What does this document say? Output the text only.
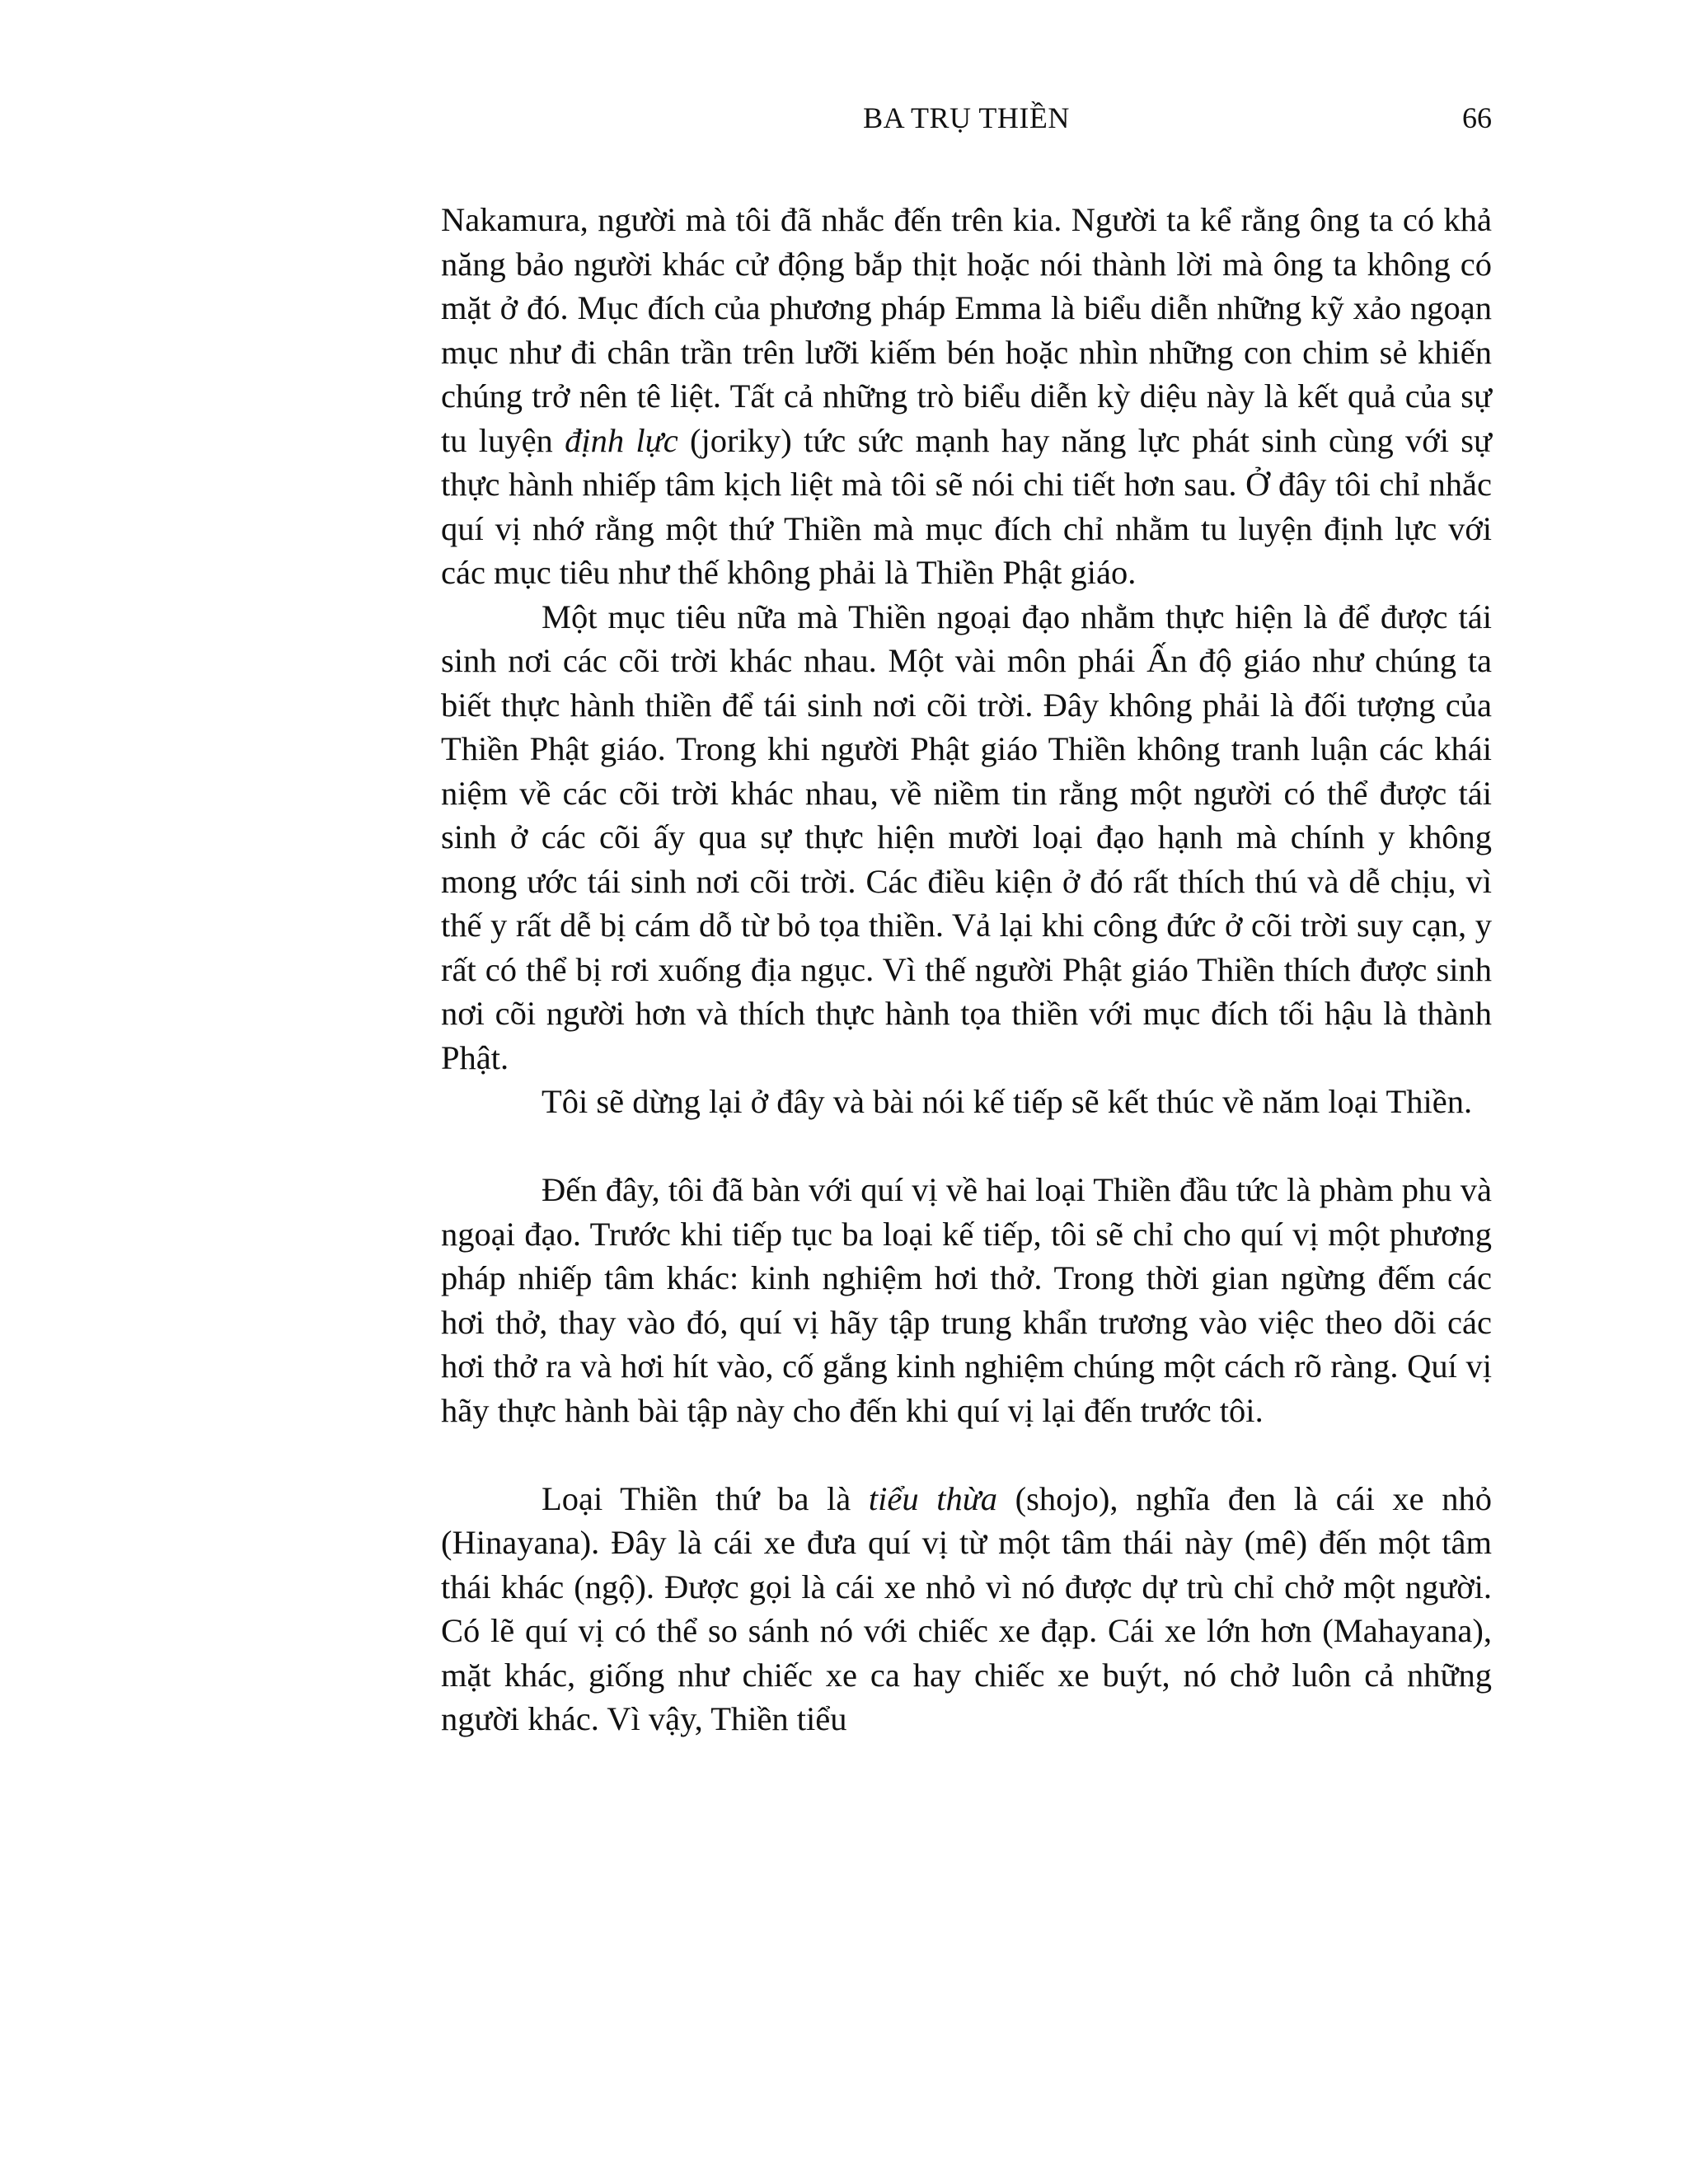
BA TRỤ THIỀN	66

Nakamura, người mà tôi đã nhắc đến trên kia. Người ta kể rằng ông ta có khả năng bảo người khác cử động bắp thịt hoặc nói thành lời mà ông ta không có mặt ở đó. Mục đích của phương pháp Emma là biểu diễn những kỹ xảo ngoạn mục như đi chân trần trên lưỡi kiếm bén hoặc nhìn những con chim sẻ khiến chúng trở nên tê liệt. Tất cả những trò biểu diễn kỳ diệu này là kết quả của sự tu luyện định lực (joriky) tức sức mạnh hay năng lực phát sinh cùng với sự thực hành nhiếp tâm kịch liệt mà tôi sẽ nói chi tiết hơn sau. Ở đây tôi chỉ nhắc quí vị nhớ rằng một thứ Thiền mà mục đích chỉ nhằm tu luyện định lực với các mục tiêu như thế không phải là Thiền Phật giáo.

Một mục tiêu nữa mà Thiền ngoại đạo nhằm thực hiện là để được tái sinh nơi các cõi trời khác nhau. Một vài môn phái Ấn độ giáo như chúng ta biết thực hành thiền để tái sinh nơi cõi trời. Đây không phải là đối tượng của Thiền Phật giáo. Trong khi người Phật giáo Thiền không tranh luận các khái niệm về các cõi trời khác nhau, về niềm tin rằng một người có thể được tái sinh ở các cõi ấy qua sự thực hiện mười loại đạo hạnh mà chính y không mong ước tái sinh nơi cõi trời. Các điều kiện ở đó rất thích thú và dễ chịu, vì thế y rất dễ bị cám dỗ từ bỏ tọa thiền. Vả lại khi công đức ở cõi trời suy cạn, y rất có thể bị rơi xuống địa ngục. Vì thế người Phật giáo Thiền thích được sinh nơi cõi người hơn và thích thực hành tọa thiền với mục đích tối hậu là thành Phật.

Tôi sẽ dừng lại ở đây và bài nói kế tiếp sẽ kết thúc về năm loại Thiền.

Đến đây, tôi đã bàn với quí vị về hai loại Thiền đầu tức là phàm phu và ngoại đạo. Trước khi tiếp tục ba loại kế tiếp, tôi sẽ chỉ cho quí vị một phương pháp nhiếp tâm khác: kinh nghiệm hơi thở. Trong thời gian ngừng đếm các hơi thở, thay vào đó, quí vị hãy tập trung khẩn trương vào việc theo dõi các hơi thở ra và hơi hít vào, cố gắng kinh nghiệm chúng một cách rõ ràng. Quí vị hãy thực hành bài tập này cho đến khi quí vị lại đến trước tôi.

Loại Thiền thứ ba là tiểu thừa (shojo), nghĩa đen là cái xe nhỏ (Hinayana). Đây là cái xe đưa quí vị từ một tâm thái này (mê) đến một tâm thái khác (ngộ). Được gọi là cái xe nhỏ vì nó được dự trù chỉ chở một người. Có lẽ quí vị có thể so sánh nó với chiếc xe đạp. Cái xe lớn hơn (Mahayana), mặt khác, giống như chiếc xe ca hay chiếc xe buýt, nó chở luôn cả những người khác. Vì vậy, Thiền tiểu
